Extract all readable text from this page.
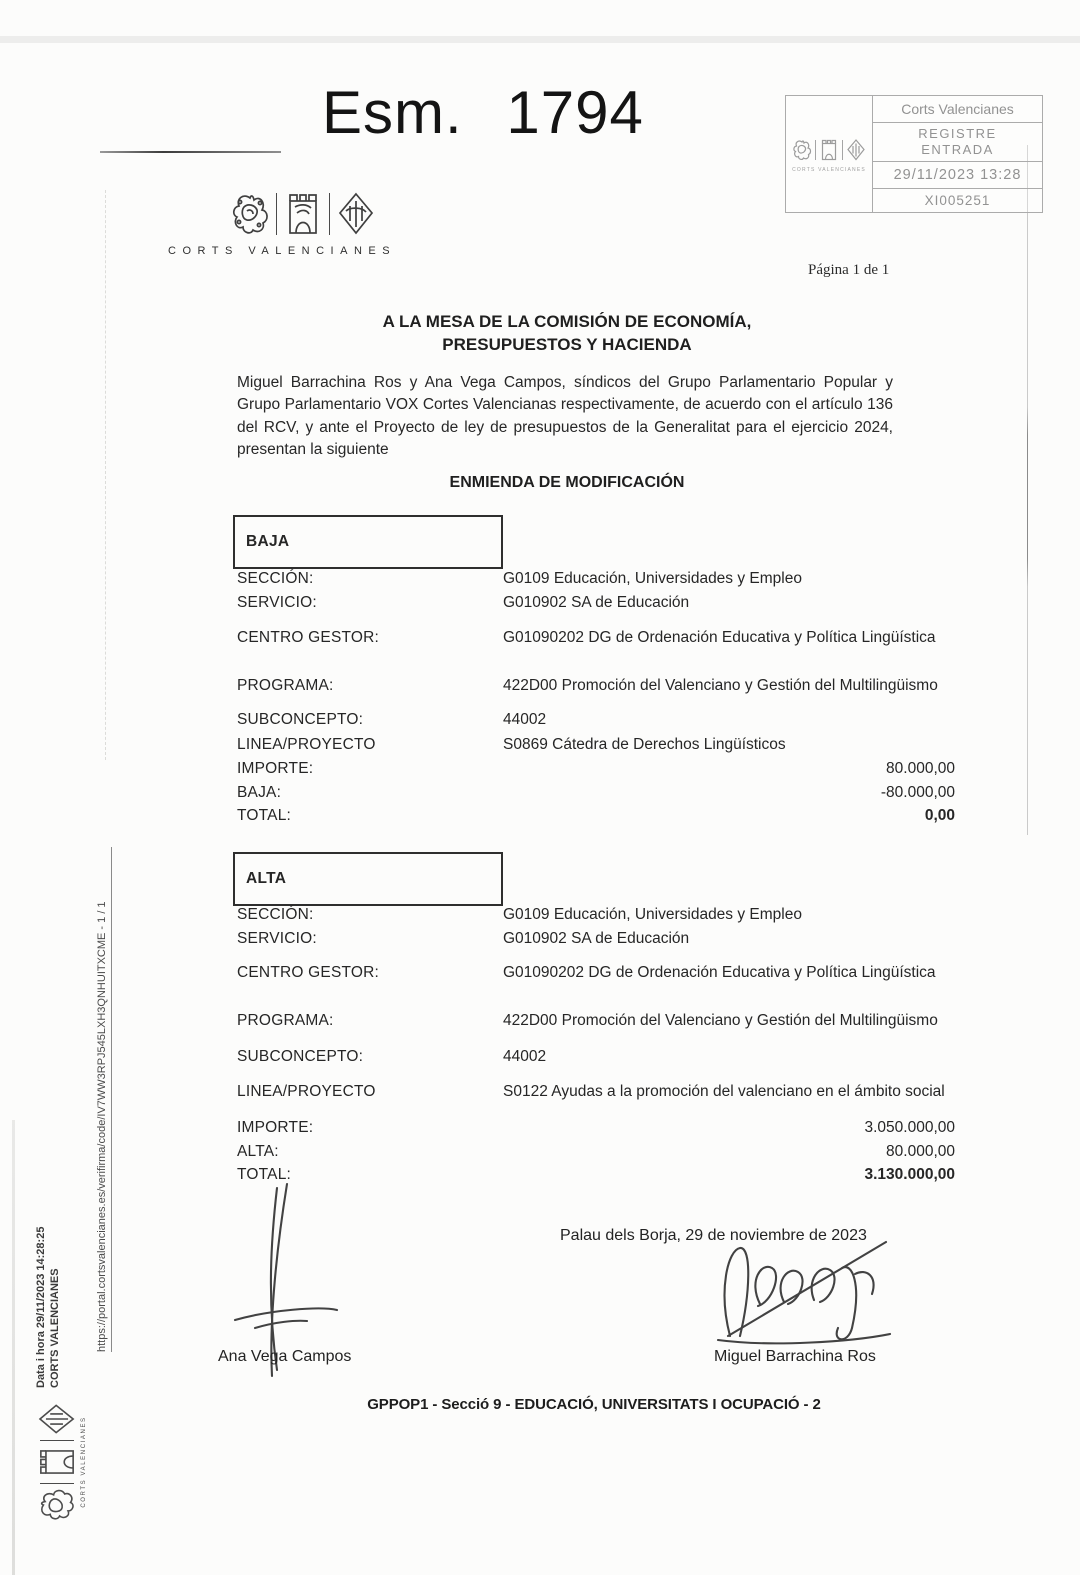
Esm. 1794
CORTS VALENCIANES
CORTS VALENCIANES
Corts Valencianes
REGISTRE
ENTRADA
29/11/2023 13:28
XI005251
Página 1 de 1
A LA MESA DE LA COMISIÓN DE ECONOMÍA,
PRESUPUESTOS Y HACIENDA
Miguel Barrachina Ros y Ana Vega Campos, síndicos del Grupo Parlamentario Popular y Grupo Parlamentario VOX Cortes Valencianas respectivamente, de acuerdo con el artículo 136 del RCV, y ante el Proyecto de ley de presupuestos de la Generalitat para el ejercicio 2024, presentan la siguiente
ENMIENDA DE MODIFICACIÓN
BAJA
SECCIÓN:	G0109 Educación, Universidades y Empleo
SERVICIO:	G010902 SA de Educación
CENTRO GESTOR:	G01090202 DG de Ordenación Educativa y Política Lingüística
PROGRAMA:	422D00 Promoción del Valenciano y Gestión del Multilingüismo
SUBCONCEPTO:	44002
LINEA/PROYECTO	S0869 Cátedra de Derechos Lingüísticos
IMPORTE:	80.000,00
BAJA:	-80.000,00
TOTAL:	0,00
ALTA
SECCIÓN:	G0109 Educación, Universidades y Empleo
SERVICIO:	G010902 SA de Educación
CENTRO GESTOR:	G01090202 DG de Ordenación Educativa y Política Lingüística
PROGRAMA:	422D00 Promoción del Valenciano y Gestión del Multilingüismo
SUBCONCEPTO:	44002
LINEA/PROYECTO	S0122 Ayudas a la promoción del valenciano en el ámbito social
IMPORTE:	3.050.000,00
ALTA:	80.000,00
TOTAL:	3.130.000,00
Palau dels Borja, 29 de noviembre de 2023
Ana Vega Campos	Miguel Barrachina Ros
GPPOP1 - Secció 9 - EDUCACIÓ, UNIVERSITATS I OCUPACIÓ - 2
Data i hora 29/11/2023 14:28:25 CORTS VALENCIANES	https://portal.cortsvalencianes.es/verifirma/code/IV7WW3RPJ545LXH3QNHUITXCME - 1 / 1
CORTS VALENCIANES
